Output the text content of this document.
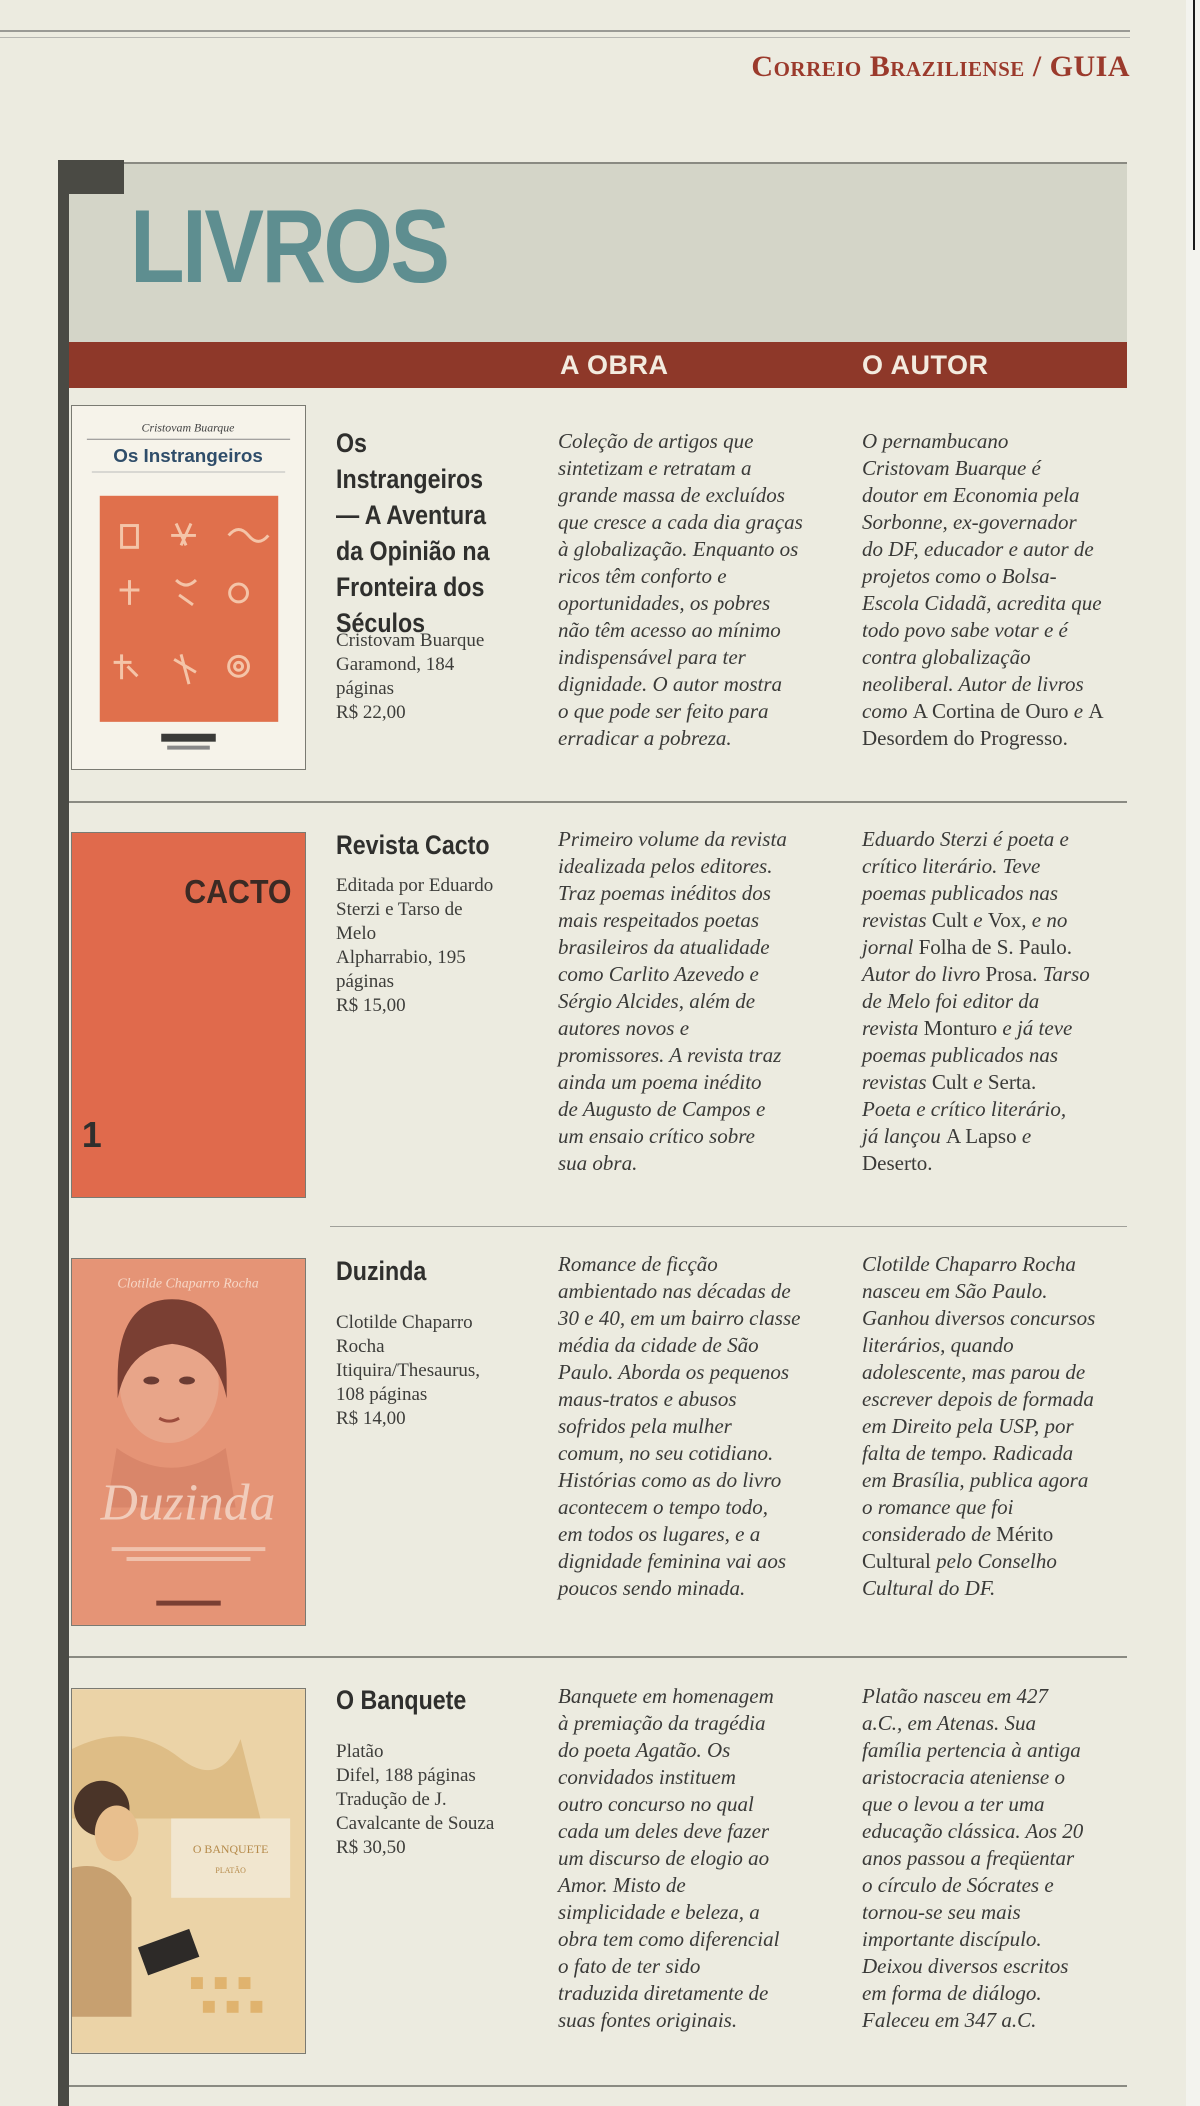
Correio Braziliense / GUIA
LIVROS
A OBRA	O AUTOR
Cristovam Buarque
Os Instrangeiros	Os Instrangeiros
— A Aventura
da Opinião na
Fronteira dos
Séculos
Cristovam Buarque
Garamond, 184
páginas
R$ 22,00
Coleção de artigos que
sintetizam e retratam a
grande massa de excluídos
que cresce a cada dia graças
à globalização. Enquanto os
ricos têm conforto e
oportunidades, os pobres
não têm acesso ao mínimo
indispensável para ter
dignidade. O autor mostra
o que pode ser feito para
erradicar a pobreza.
O pernambucano
Cristovam Buarque é
doutor em Economia pela
Sorbonne, ex-governador
do DF, educador e autor de
projetos como o Bolsa-
Escola Cidadã, acredita que
todo povo sabe votar e é
contra globalização
neoliberal. Autor de livros
como A Cortina de Ouro e A
Desordem do Progresso.
CACTO
1
Revista Cacto
Editada por Eduardo
Sterzi e Tarso de
Melo
Alpharrabio, 195
páginas
R$ 15,00
Primeiro volume da revista
idealizada pelos editores.
Traz poemas inéditos dos
mais respeitados poetas
brasileiros da atualidade
como Carlito Azevedo e
Sérgio Alcides, além de
autores novos e
promissores. A revista traz
ainda um poema inédito
de Augusto de Campos e
um ensaio crítico sobre
sua obra.
Eduardo Sterzi é poeta e
crítico literário. Teve
poemas publicados nas
revistas Cult e Vox, e no
jornal Folha de S. Paulo.
Autor do livro Prosa. Tarso
de Melo foi editor da
revista Monturo e já teve
poemas publicados nas
revistas Cult e Serta.
Poeta e crítico literário,
já lançou A Lapso e
Deserto.
Clotilde Chaparro Rocha
Duzinda
Duzinda
Clotilde Chaparro
Rocha
Itiquira/Thesaurus,
108 páginas
R$ 14,00
Romance de ficção
ambientado nas décadas de
30 e 40, em um bairro classe
média da cidade de São
Paulo. Aborda os pequenos
maus-tratos e abusos
sofridos pela mulher
comum, no seu cotidiano.
Histórias como as do livro
acontecem o tempo todo,
em todos os lugares, e a
dignidade feminina vai aos
poucos sendo minada.
Clotilde Chaparro Rocha
nasceu em São Paulo.
Ganhou diversos concursos
literários, quando
adolescente, mas parou de
escrever depois de formada
em Direito pela USP, por
falta de tempo. Radicada
em Brasília, publica agora
o romance que foi
considerado de Mérito
Cultural pelo Conselho
Cultural do DF.
O BANQUETE
PLATÃO
O Banquete
Platão
Difel, 188 páginas
Tradução de J.
Cavalcante de Souza
R$ 30,50
Banquete em homenagem
à premiação da tragédia
do poeta Agatão. Os
convidados instituem
outro concurso no qual
cada um deles deve fazer
um discurso de elogio ao
Amor. Misto de
simplicidade e beleza, a
obra tem como diferencial
o fato de ter sido
traduzida diretamente de
suas fontes originais.
Platão nasceu em 427
a.C., em Atenas. Sua
família pertencia à antiga
aristocracia ateniense o
que o levou a ter uma
educação clássica. Aos 20
anos passou a freqüentar
o círculo de Sócrates e
tornou-se seu mais
importante discípulo.
Deixou diversos escritos
em forma de diálogo.
Faleceu em 347 a.C.
